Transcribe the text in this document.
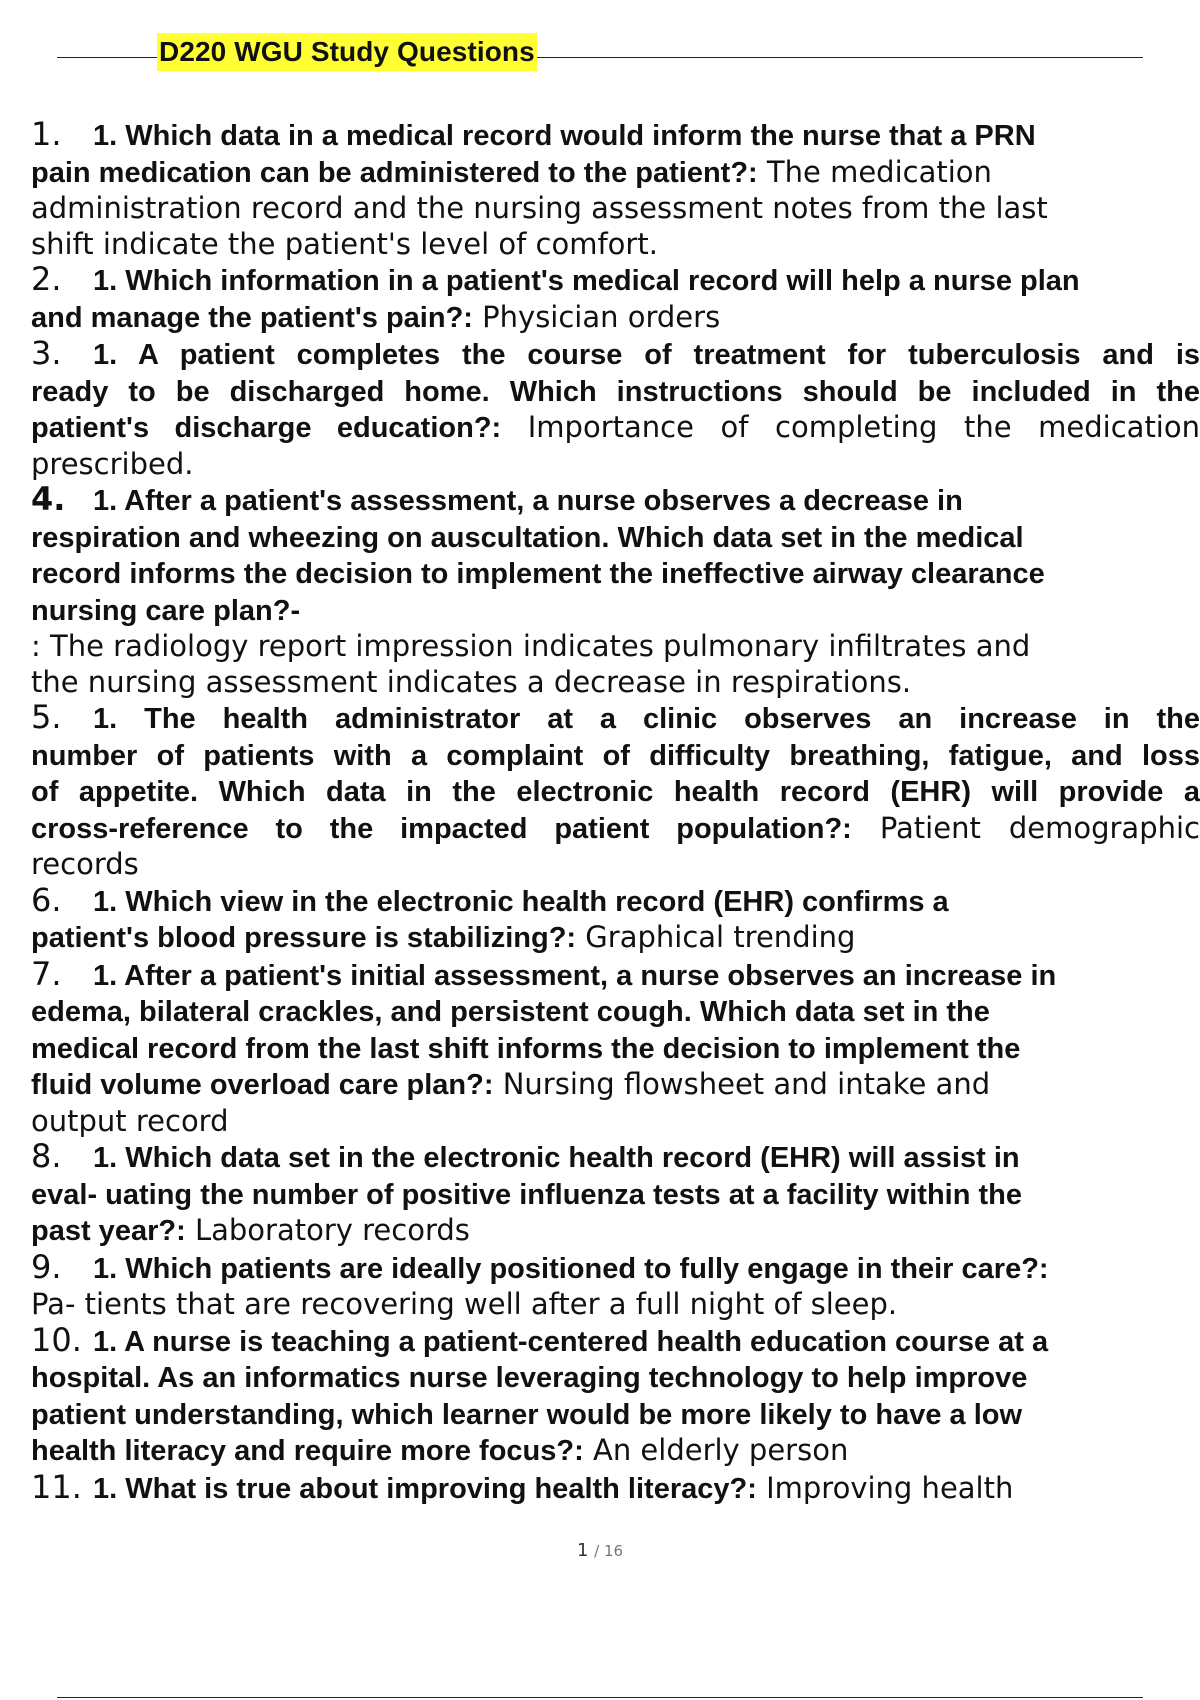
D220 WGU Study Questions
1. 1. Which data in a medical record would inform the nurse that a PRN
pain medication can be administered to the patient?: The medication
administration record and the nursing assessment notes from the last
shift indicate the patient's level of comfort.
2. 1. Which information in a patient's medical record will help a nurse plan
and manage the patient's pain?: Physician orders
3. 1. A patient completes the course of treatment for tuberculosis and is
ready to be discharged home. Which instructions should be included in the
patient's discharge education?: Importance of completing the medication
prescribed.
4. 1. After a patient's assessment, a nurse observes a decrease in
respiration and wheezing on auscultation. Which data set in the medical
record informs the decision to implement the ineffective airway clearance
nursing care plan?-
: The radiology report impression indicates pulmonary infiltrates and
the nursing assessment indicates a decrease in respirations.
5. 1. The health administrator at a clinic observes an increase in the
number of patients with a complaint of difficulty breathing, fatigue, and loss
of appetite. Which data in the electronic health record (EHR) will provide a
cross-reference to the impacted patient population?: Patient demographic
records
6. 1. Which view in the electronic health record (EHR) confirms a
patient's blood pressure is stabilizing?: Graphical trending
7. 1. After a patient's initial assessment, a nurse observes an increase in
edema, bilateral crackles, and persistent cough. Which data set in the
medical record from the last shift informs the decision to implement the
fluid volume overload care plan?: Nursing flowsheet and intake and
output record
8. 1. Which data set in the electronic health record (EHR) will assist in
eval- uating the number of positive influenza tests at a facility within the
past year?: Laboratory records
9. 1. Which patients are ideally positioned to fully engage in their care?:
Pa- tients that are recovering well after a full night of sleep.
10. 1. A nurse is teaching a patient-centered health education course at a
hospital. As an informatics nurse leveraging technology to help improve
patient understanding, which learner would be more likely to have a low
health literacy and require more focus?: An elderly person
11. 1. What is true about improving health literacy?: Improving health
1 / 16
